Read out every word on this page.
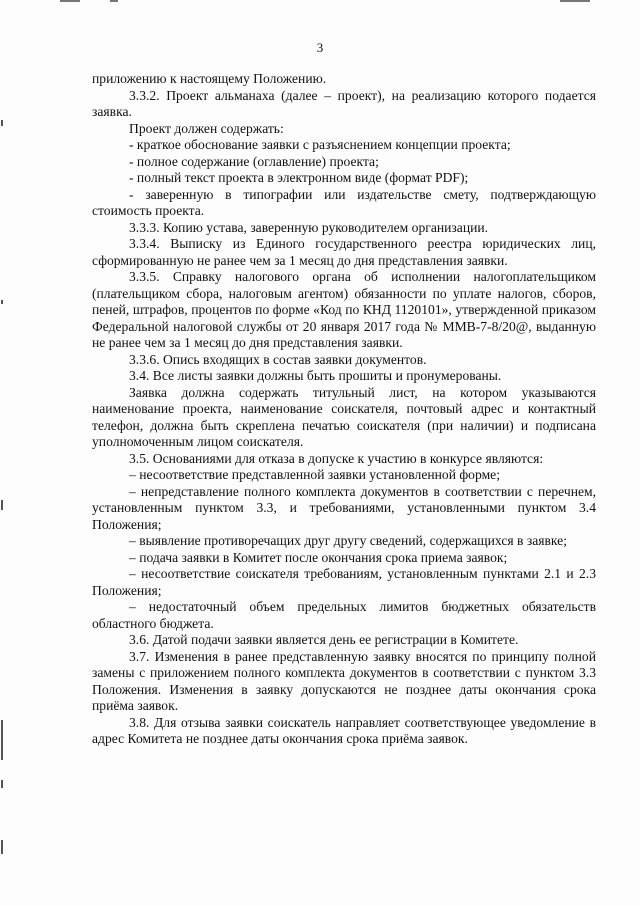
3

приложению к настоящему Положению.

3.3.2. Проект альманаха (далее – проект), на реализацию которого подается заявка.

Проект должен содержать:

- краткое обоснование заявки с разъяснением концепции проекта;

- полное содержание (оглавление) проекта;

- полный текст проекта в электронном виде (формат PDF);

- заверенную в типографии или издательстве смету, подтверждающую стоимость проекта.

3.3.3. Копию устава, заверенную руководителем организации.

3.3.4. Выписку из Единого государственного реестра юридических лиц, сформированную не ранее чем за 1 месяц до дня представления заявки.

3.3.5. Справку налогового органа об исполнении налогоплательщиком (плательщиком сбора, налоговым агентом) обязанности по уплате налогов, сборов, пеней, штрафов, процентов по форме «Код по КНД 1120101», утвержденной приказом Федеральной налоговой службы от 20 января 2017 года № ММВ-7-8/20@, выданную не ранее чем за 1 месяц до дня представления заявки.

3.3.6. Опись входящих в состав заявки документов.

3.4. Все листы заявки должны быть прошиты и пронумерованы.

Заявка должна содержать титульный лист, на котором указываются наименование проекта, наименование соискателя, почтовый адрес и контактный телефон, должна быть скреплена печатью соискателя (при наличии) и подписана уполномоченным лицом соискателя.

3.5. Основаниями для отказа в допуске к участию в конкурсе являются:

– несоответствие представленной заявки установленной форме;

– непредставление полного комплекта документов в соответствии с перечнем, установленным пунктом 3.3, и требованиями, установленными пунктом 3.4 Положения;

– выявление противоречащих друг другу сведений, содержащихся в заявке;

– подача заявки в Комитет после окончания срока приема заявок;

– несоответствие соискателя требованиям, установленным пунктами 2.1 и 2.3 Положения;

– недостаточный объем предельных лимитов бюджетных обязательств областного бюджета.

3.6. Датой подачи заявки является день ее регистрации в Комитете.

3.7. Изменения в ранее представленную заявку вносятся по принципу полной замены с приложением полного комплекта документов в соответствии с пунктом 3.3 Положения. Изменения в заявку допускаются не позднее даты окончания срока приёма заявок.

3.8. Для отзыва заявки соискатель направляет соответствующее уведомление в адрес Комитета не позднее даты окончания срока приёма заявок.
